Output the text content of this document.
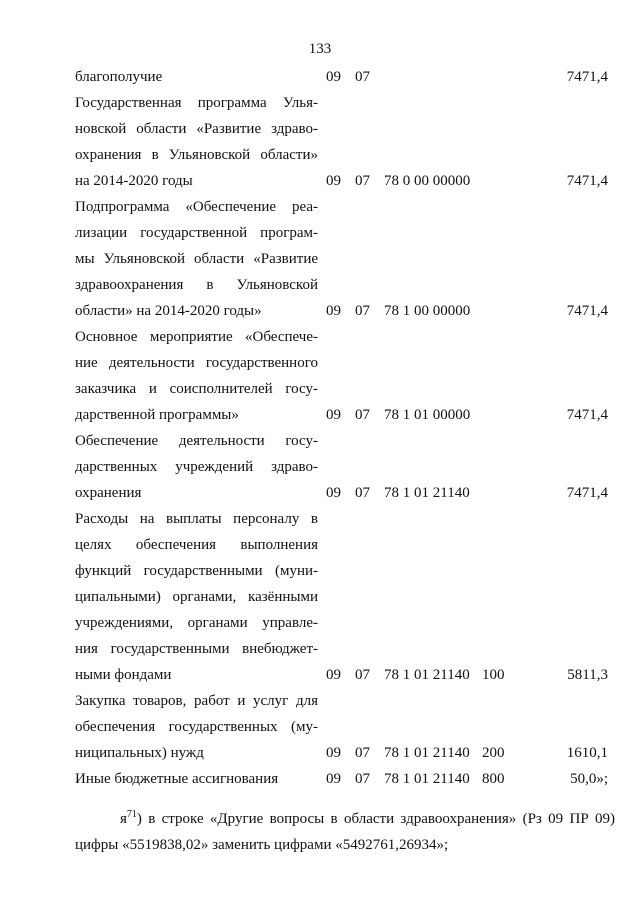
133
благополучие	09 07	7471,4
Государственная программа Улья-
новской области «Развитие здраво-
охранения в Ульяновской области»
на 2014-2020 годы	09 07 78 0 00 00000	7471,4
Подпрограмма «Обеспечение реа-
лизации государственной програм-
мы Ульяновской области «Развитие
здравоохранения в Ульяновской
области» на 2014-2020 годы»	09 07 78 1 00 00000	7471,4
Основное мероприятие «Обеспече-
ние деятельности государственного
заказчика и соисполнителей госу-
дарственной программы»	09 07 78 1 01 00000	7471,4
Обеспечение деятельности госу-
дарственных учреждений здраво-
охранения	09 07 78 1 01 21140	7471,4
Расходы на выплаты персоналу в
целях обеспечения выполнения
функций государственными (муни-
ципальными) органами, казёнными
учреждениями, органами управле-
ния государственными внебюджет-
ными фондами	09 07 78 1 01 21140 100	5811,3
Закупка товаров, работ и услуг для
обеспечения государственных (му-
ниципальных) нужд	09 07 78 1 01 21140 200	1610,1
Иные бюджетные ассигнования	09 07 78 1 01 21140 800	50,0»;
$я^{71}$) в строке «Другие вопросы в области здравоохранения» (Рз 09 ПР 09)
цифры «5519838,02» заменить цифрами «5492761,26934»;
